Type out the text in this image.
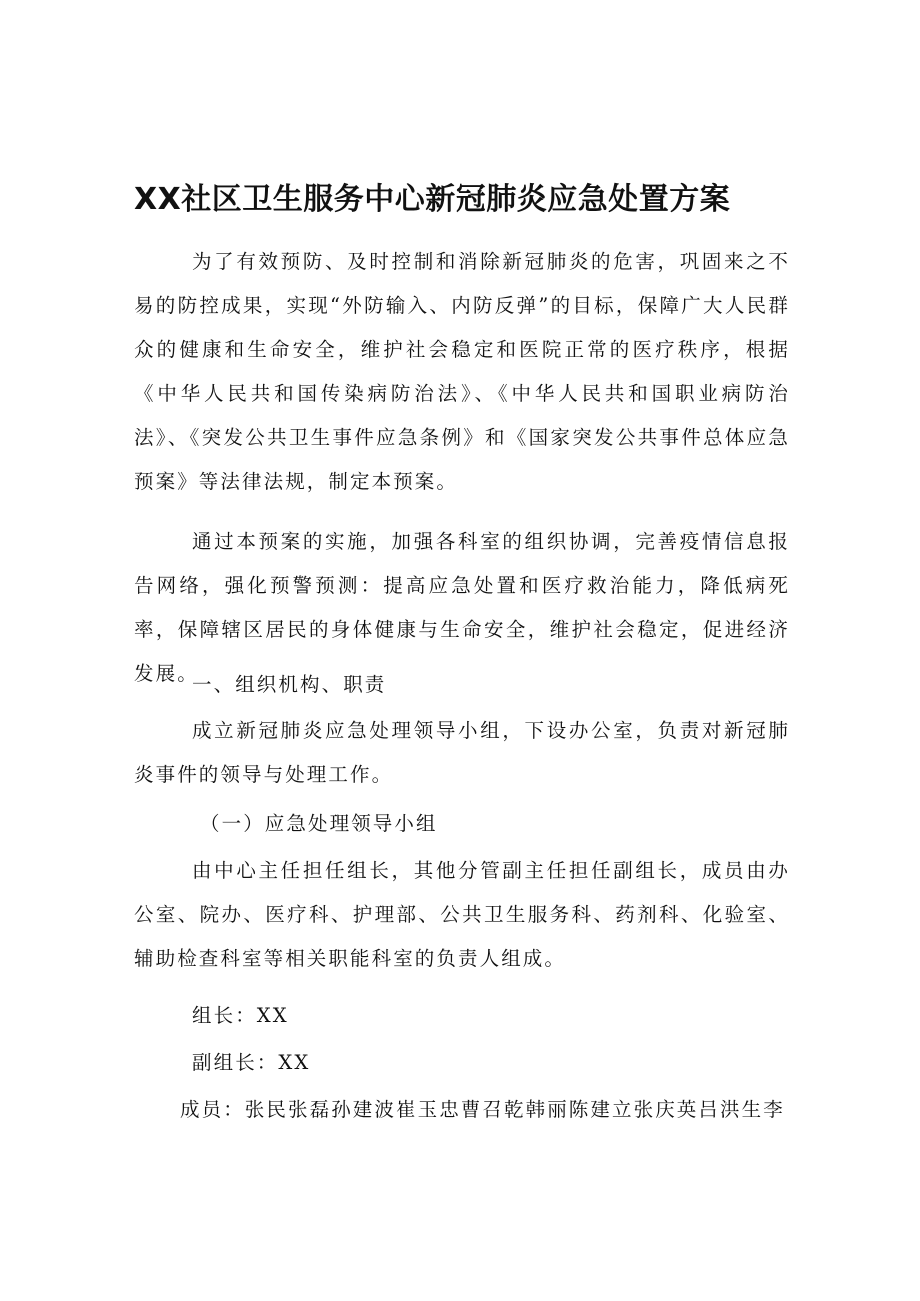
XX社区卫生服务中心新冠肺炎应急处置方案

为了有效预防、及时控制和消除新冠肺炎的危害，巩固来之不易的防控成果，实现“外防输入、内防反弹”的目标，保障广大人民群众的健康和生命安全，维护社会稳定和医院正常的医疗秩序，根据《中华人民共和国传染病防治法》、《中华人民共和国职业病防治法》、《突发公共卫生事件应急条例》和《国家突发公共事件总体应急预案》等法律法规，制定本预案。

通过本预案的实施，加强各科室的组织协调，完善疫情信息报告网络，强化预警预测：提高应急处置和医疗救治能力，降低病死率，保障辖区居民的身体健康与生命安全，维护社会稳定，促进经济发展。

一、组织机构、职责

成立新冠肺炎应急处理领导小组，下设办公室，负责对新冠肺炎事件的领导与处理工作。

（一）应急处理领导小组

由中心主任担任组长，其他分管副主任担任副组长，成员由办公室、院办、医疗科、护理部、公共卫生服务科、药剂科、化验室、辅助检查科室等相关职能科室的负责人组成。

组长：XX

副组长：XX

成员：张民张磊孙建波崔玉忠曹召乾韩丽陈建立张庆英吕洪生李
